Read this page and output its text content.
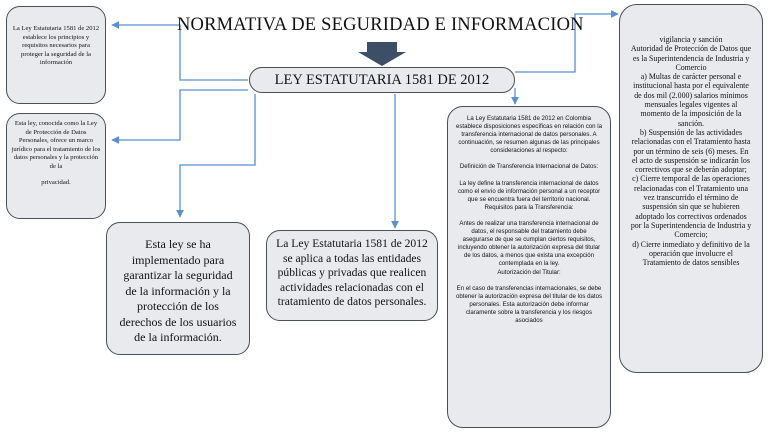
NORMATIVA DE SEGURIDAD E INFORMACION
LEY ESTATUTARIA 1581 DE 2012

La Ley Estatutaria 1581 de 2012 establece los principios y requisitos necesarios para proteger la seguridad de la información

Esta ley, conocida como la Ley de Protección de Datos Personales, ofrece un marco jurídico para el tratamiento de los datos personales y la protección de la

privacidad.

Esta ley se ha implementado para garantizar la seguridad de la información y la protección de los derechos de los usuarios de la información.

La Ley Estatutaria 1581 de 2012 se aplica a todas las entidades públicas y privadas que realicen actividades relacionadas con el tratamiento de datos personales.

La Ley Estatutaria 1581 de 2012 en Colombia establece disposiciones específicas en relación con la transferencia internacional de datos personales. A continuación, se resumen algunas de las principales consideraciones al respecto:

Definición de Transferencia Internacional de Datos:

La ley define la transferencia internacional de datos como el envío de información personal a un receptor que se encuentra fuera del territorio nacional.

Requisitos para la Transferencia:

Antes de realizar una transferencia internacional de datos, el responsable del tratamiento debe asegurarse de que se cumplan ciertos requisitos, incluyendo obtener la autorización expresa del titular de los datos, a menos que exista una excepción contemplada en la ley.

Autorización del Titular:

En el caso de transferencias internacionales, se debe obtener la autorización expresa del titular de los datos personales. Esta autorización debe informar claramente sobre la transferencia y los riesgos asociados

vigilancia y sanción

Autoridad de Protección de Datos que es la Superintendencia de Industria y Comercio

a) Multas de carácter personal e institucional hasta por el equivalente de dos mil (2.000) salarios mínimos mensuales legales vigentes al momento de la imposición de la sanción.

b) Suspensión de las actividades relacionadas con el Tratamiento hasta por un término de seis (6) meses. En el acto de suspensión se indicarán los correctivos que se deberán adoptar;

c) Cierre temporal de las operaciones relacionadas con el Tratamiento una vez transcurrido el término de suspensión sin que se hubieren adoptado los correctivos ordenados por la Superintendencia de Industria y Comercio;

d) Cierre inmediato y definitivo de la operación que involucre el Tratamiento de datos sensibles
